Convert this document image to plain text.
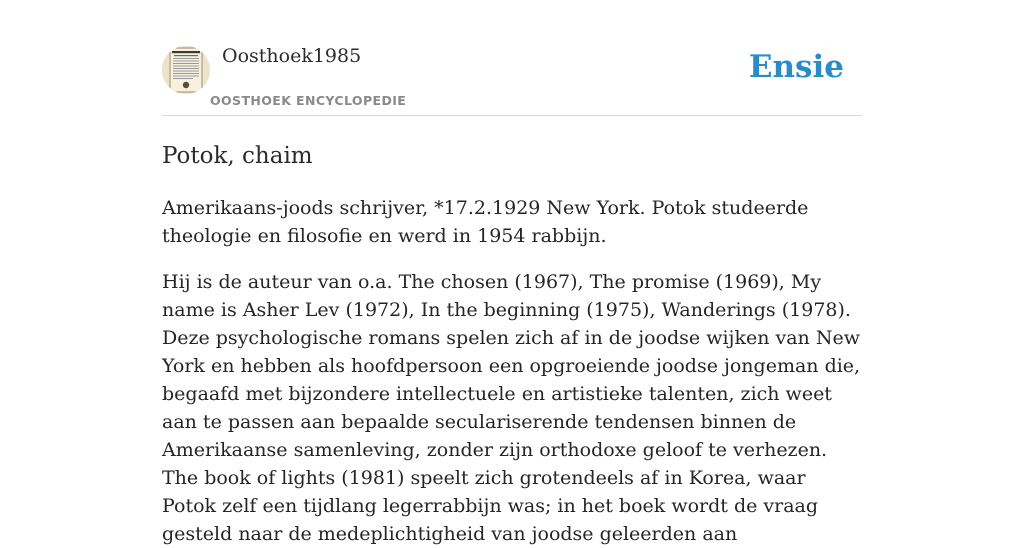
Oosthoek1985
OOSTHOEK ENCYCLOPEDIE
Ensie
Potok, chaim

Amerikaans-joods schrijver, *17.2.1929 New York. Potok studeerde theologie en filosofie en werd in 1954 rabbijn.

Hij is de auteur van o.a. The chosen (1967), The promise (1969), My name is Asher Lev (1972), In the beginning (1975), Wanderings (1978). Deze psychologische romans spelen zich af in de joodse wijken van New York en hebben als hoofdpersoon een opgroeiende joodse jongeman die, begaafd met bijzondere intellectuele en artistieke talenten, zich weet aan te passen aan bepaalde seculariserende tendensen binnen de Amerikaanse samenleving, zonder zijn orthodoxe geloof te verhezen. The book of lights (1981) speelt zich grotendeels af in Korea, waar Potok zelf een tijdlang legerrabbijn was; in het boek wordt de vraag gesteld naar de medeplichtigheid van joodse geleerden aan
